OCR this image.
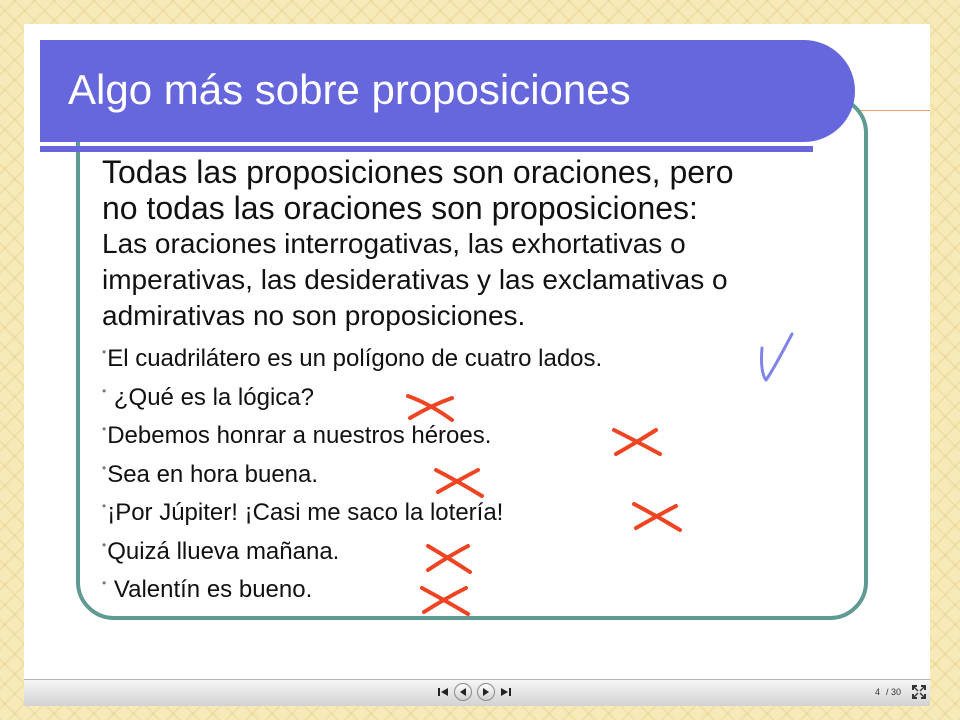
Algo más sobre proposiciones
Todas las proposiciones son oraciones, pero
no todas las oraciones son proposiciones:
Las oraciones interrogativas, las exhortativas o
imperativas, las desiderativas y las exclamativas o
admirativas no son proposiciones.
•El cuadrilátero es un polígono de cuatro lados.
• ¿Qué es la lógica?
•Debemos honrar a nuestros héroes.
•Sea en hora buena.
•¡Por Júpiter! ¡Casi me saco la lotería!
•Quizá llueva mañana.
• Valentín es bueno.
4 / 30
